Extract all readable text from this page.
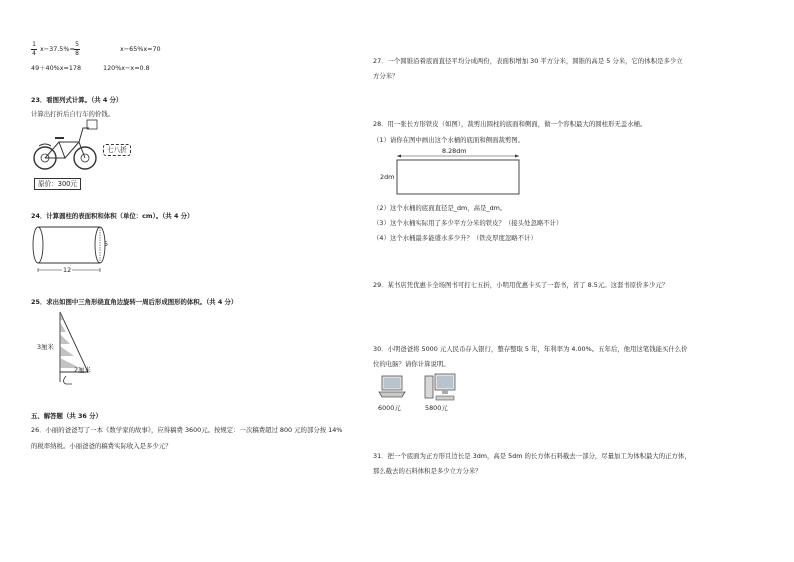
1
4
x−37.5%=
5
8
x−65%x=70
49＋40%x=178	120%x−x=0.8
23．看图列式计算。（共 4 分）
计算出打折后自行车的价钱。
七八折
原价：300元
24．计算圆柱的表面积和体积（单位：cm）。（共 4 分）
5
12
25．求出如图中三角形绕直角边旋转一周后形成图形的体积。（共 4 分）
3厘米
2厘米
五、解答题（共 36 分）
26．小丽的爸爸写了一本《数学家的故事》，应得稿费 3600元。按规定：一次稿费超过 800 元的部分按 14%
的税率纳税。小丽爸爸的稿费实际收入是多少元？
27．一个圆锥沿着底面直径平均分成两份，表面积增加 30 平方分米，圆锥的高是 5 分米，它的体积是多少立
方分米？
28．用一张长方形铁皮（如图），裁剪出圆柱的底面和侧面，做一个容积最大的圆柱形无盖水桶。
（1）请你在图中画出这个水桶的底面和侧面裁剪图。
8.28dm
2dm
（2）这个水桶的底面直径是_dm，高是_dm。
（3）这个水桶实际用了多少平方分米的铁皮？（接头处忽略不计）
（4）这个水桶最多能盛水多少升？（铁皮厚度忽略不计）
29．某书店凭优惠卡全场图书可打七五折，小明用优惠卡买了一套书，省了 8.5元。这套书原价多少元？
30．小明爸爸将 5000 元人民币存入银行，整存整取 5 年，年利率为 4.00%。五年后，他用这笔钱能买什么价
位的电脑？请你计算说明。
6000元	5800元
31．把一个底面为正方形且边长是 3dm，高是 5dm 的长方体石料截去一部分，尽量加工为体积最大的正方体，
那么截去的石料体积是多少立方分米？
